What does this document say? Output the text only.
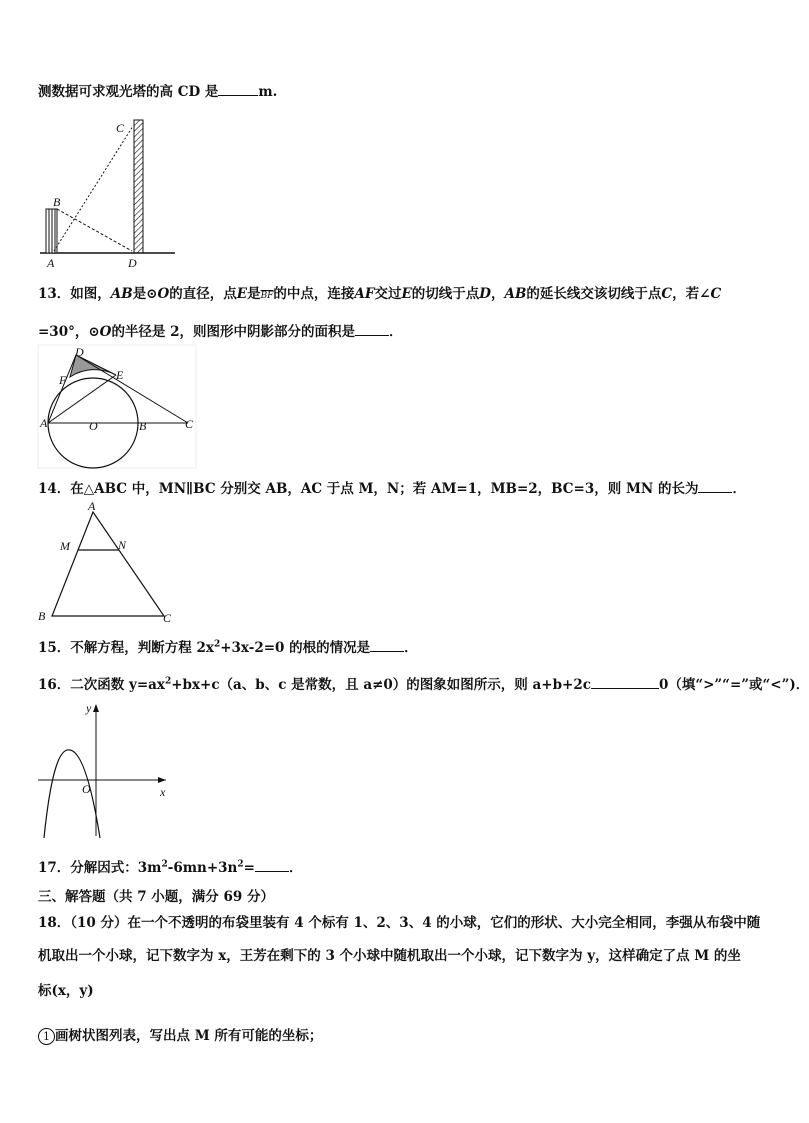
测数据可求观光塔的高 CD 是	m.
C
B
A	D
13．如图，AB是⊙O的直径，点E是$\overline{BF}$的中点，连接AF交过E的切线于点D，AB的延长线交该切线于点C，若∠C
=30°，⊙O的半径是 2，则图形中阴影部分的面积是	．
D
F	E
A	O	B	C
14．在△ABC 中，MN∥BC 分别交 AB，AC 于点 M，N；若 AM=1，MB=2，BC=3，则 MN 的长为	．
A
M	N
B	C
15．不解方程，判断方程 $2x^2+3x-2=0$ 的根的情况是	．
16．二次函数 $y=ax^2+bx+c(a$、b、c 是常数，且 a≠0）的图象如图所示，则 a+b+2c	0（填“>”“=”或“<”)．
y
O	x
17．分解因式：$3m^2-6mn+3n^2=$	．
三、解答题（共 7 小题，满分 69 分）
18．（10 分）在一个不透明的布袋里装有 4 个标有 1、2、3、4 的小球，它们的形状、大小完全相同，李强从布袋中随
机取出一个小球，记下数字为 x，王芳在剩下的 3 个小球中随机取出一个小球，记下数字为 y，这样确定了点 M 的坐
标(x，y)
1 画树状图列表，写出点 M 所有可能的坐标；
